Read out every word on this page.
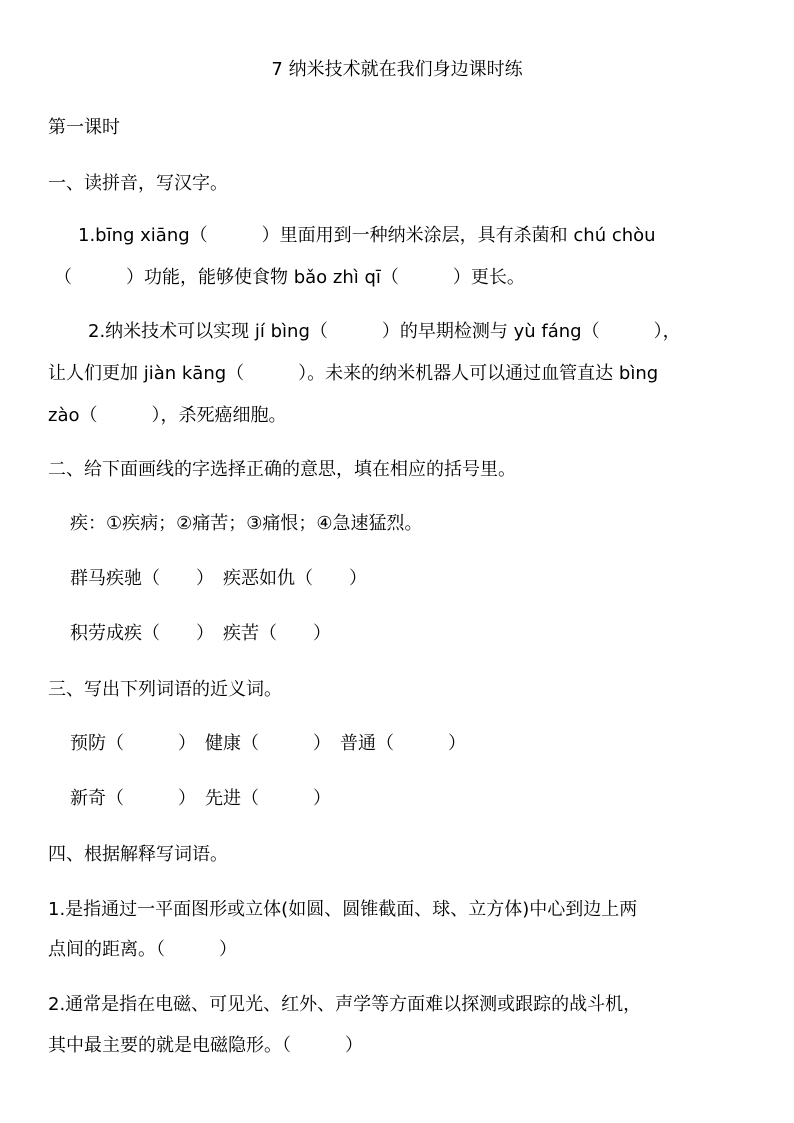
7 纳米技术就在我们身边课时练

第一课时

一、读拼音，写汉字。

1.bīng xiāng（　　　）里面用到一种纳米涂层，具有杀菌和 chú chòu

（　　　）功能，能够使食物 bǎo zhì qī（　　　）更长。

2.纳米技术可以实现 jí bìng（　　　）的早期检测与 yù fáng（　　　），

让人们更加 jiàn kāng（　　　）。未来的纳米机器人可以通过血管直达 bìng

zào（　　　），杀死癌细胞。

二、给下面画线的字选择正确的意思，填在相应的括号里。

疾：①疾病；②痛苦；③痛恨；④急速猛烈。

群马疾驰（　　）　疾恶如仇（　　）

积劳成疾（　　）　疾苦（　　）

三、写出下列词语的近义词。

预防（　　　）　健康（　　　）　普通（　　　）

新奇（　　　）　先进（　　　）

四、根据解释写词语。

1.是指通过一平面图形或立体(如圆、圆锥截面、球、立方体)中心到边上两

点间的距离。（　　　）

2.通常是指在电磁、可见光、红外、声学等方面难以探测或跟踪的战斗机，

其中最主要的就是电磁隐形。（　　　）
